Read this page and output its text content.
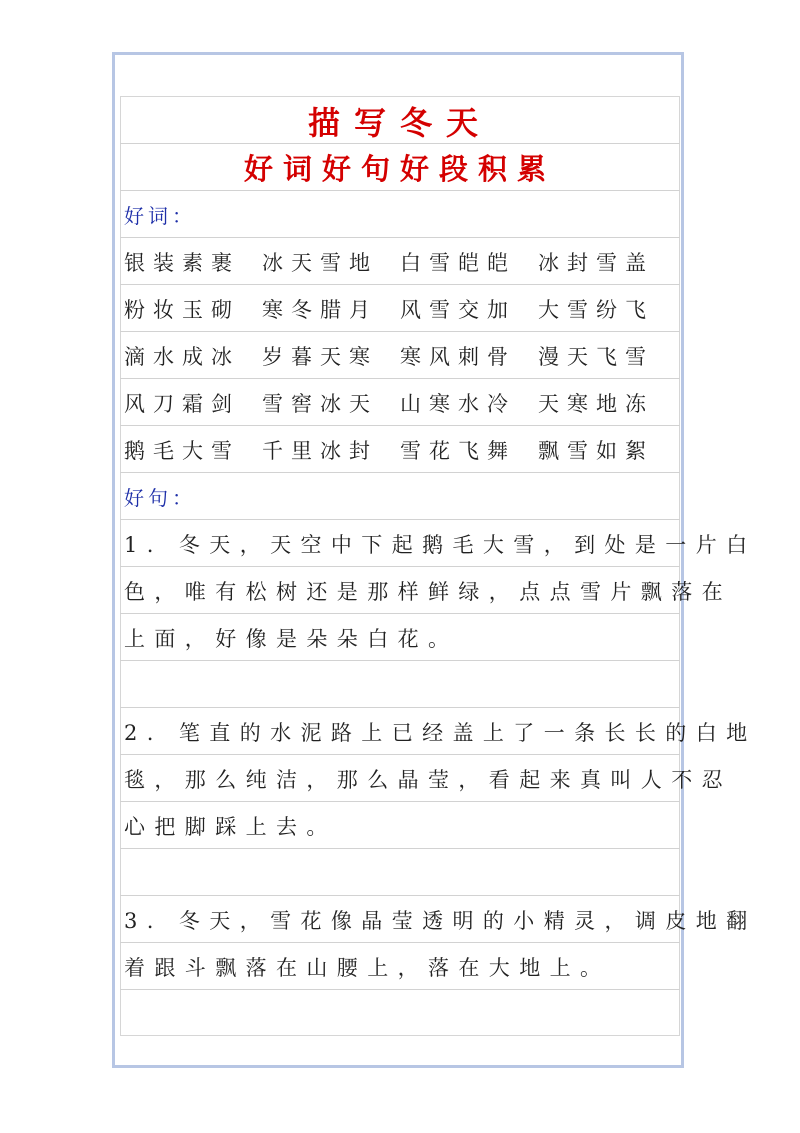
描写冬天
好词好句好段积累
好词：
银装素裹	冰天雪地	白雪皑皑	冰封雪盖
粉妆玉砌	寒冬腊月	风雪交加	大雪纷飞
滴水成冰	岁暮天寒	寒风刺骨	漫天飞雪
风刀霜剑	雪窖冰天	山寒水冷	天寒地冻
鹅毛大雪	千里冰封	雪花飞舞	飘雪如絮
好句：
1. 冬天，天空中下起鹅毛大雪，到处是一片白
色，唯有松树还是那样鲜绿，点点雪片飘落在
上面，好像是朵朵白花。
2. 笔直的水泥路上已经盖上了一条长长的白地
毯，那么纯洁，那么晶莹，看起来真叫人不忍
心把脚踩上去。
3. 冬天，雪花像晶莹透明的小精灵，调皮地翻
着跟斗飘落在山腰上，落在大地上。
